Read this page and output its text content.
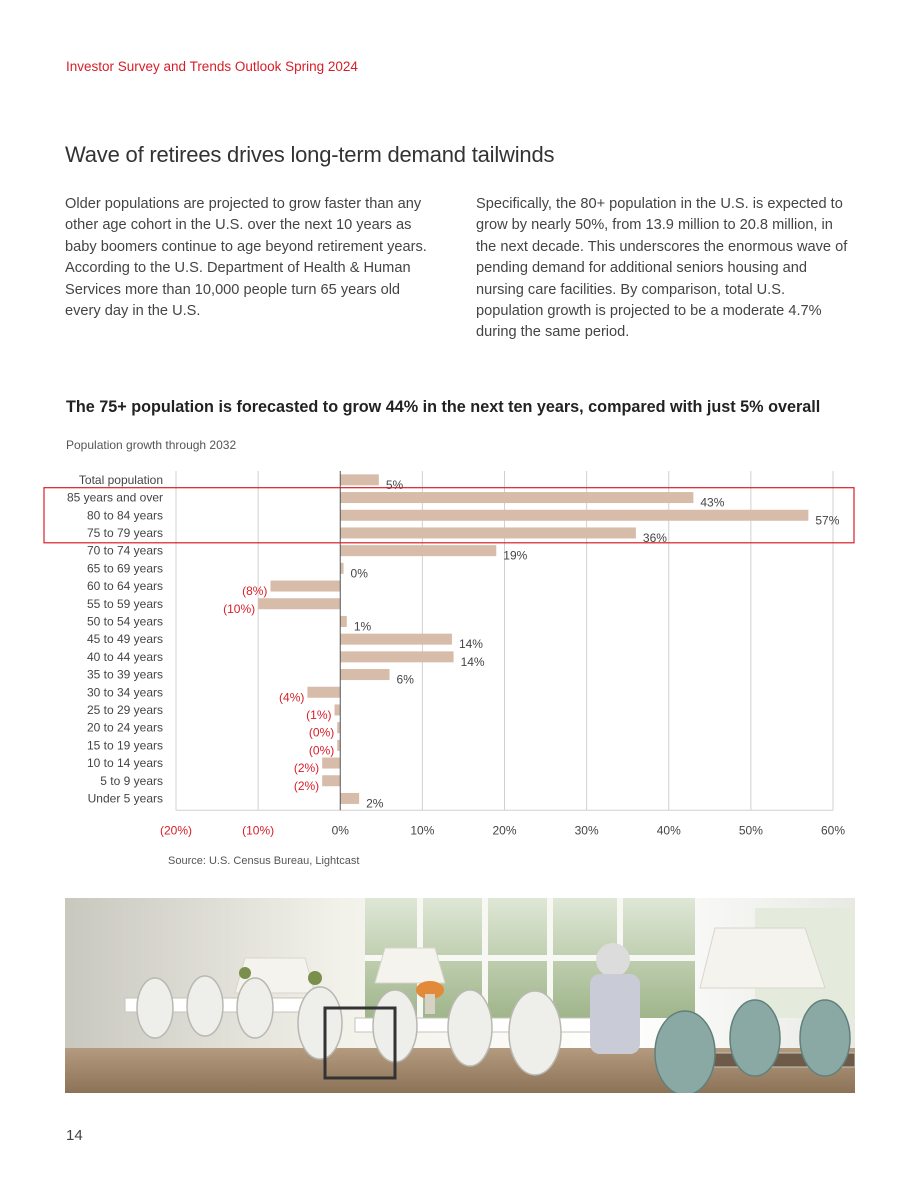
Investor Survey and Trends Outlook Spring 2024
Wave of retirees drives long-term demand tailwinds
Older populations are projected to grow faster than any other age cohort in the U.S. over the next 10 years as baby boomers continue to age beyond retirement years. According to the U.S. Department of Health & Human Services more than 10,000 people turn 65 years old every day in the U.S.
Specifically, the 80+ population in the U.S. is expected to grow by nearly 50%, from 13.9 million to 20.8 million, in the next decade. This underscores the enormous wave of pending demand for additional seniors housing and nursing care facilities. By comparison, total U.S. population growth is projected to be a moderate 4.7% during the same period.
The 75+ population is forecasted to grow 44% in the next ten years, compared with just 5% overall
Population growth through 2032
Total population	5%
85 years and over	43%
80 to 84 years	57%
75 to 79 years	36%
70 to 74 years	19%
65 to 69 years	0%
60 to 64 years	(8%)
55 to 59 years	(10%)
50 to 54 years	1%
45 to 49 years	14%
40 to 44 years	14%
35 to 39 years	6%
30 to 34 years	(4%)
25 to 29 years	(1%)
20 to 24 years	(0%)
15 to 19 years	(0%)
10 to 14 years	(2%)
5 to 9 years	(2%)
Under 5 years	2%
(20%)	(10%)	0%	10%	20%	30%	40%	50%	60%
Source: U.S. Census Bureau, Lightcast
14
